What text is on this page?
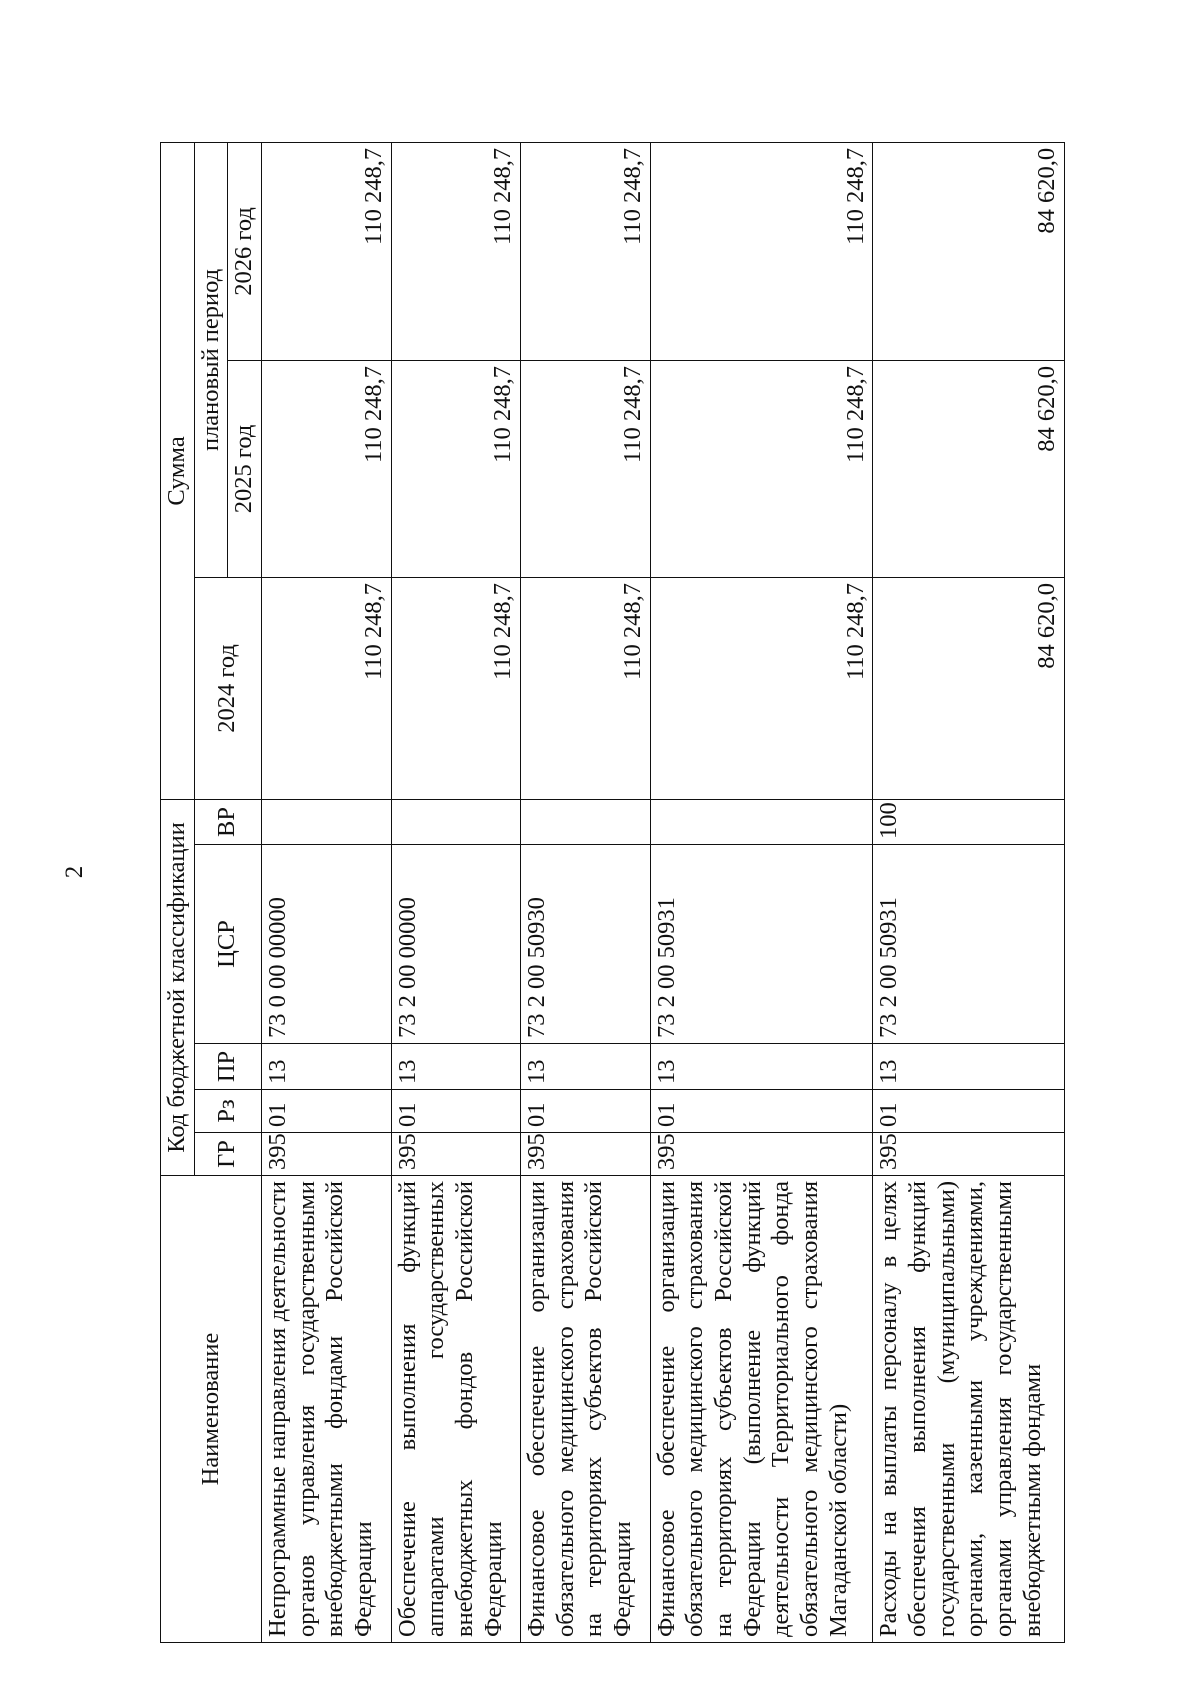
2
Наименование	Код бюджетной классификации					Сумма		
	ГР	Рз	ПР	ЦСР	ВР	2024 год	плановый период	
							2025 год	2026 год
Непрограммные направления деятельности органов управления государственными внебюджетными фондами Российской Федерации	395	01	13	73 0 00 00000		110 248,7	110 248,7	110 248,7
Обеспечение выполнения функций аппаратами государственных внебюджетных фондов Российской Федерации	395	01	13	73 2 00 00000		110 248,7	110 248,7	110 248,7
Финансовое обеспечение организации обязательного медицинского страхования на территориях субъектов Российской Федерации	395	01	13	73 2 00 50930		110 248,7	110 248,7	110 248,7
Финансовое обеспечение организации обязательного медицинского страхования на территориях субъектов Российской Федерации (выполнение функций деятельности Территориального фонда обязательного медицинского страхования Магаданской области)	395	01	13	73 2 00 50931		110 248,7	110 248,7	110 248,7
Расходы на выплаты персоналу в целях обеспечения выполнения функций государственными (муниципальными) органами, казенными учреждениями, органами управления государственными внебюджетными фондами	395	01	13	73 2 00 50931	100	84 620,0	84 620,0	84 620,0
